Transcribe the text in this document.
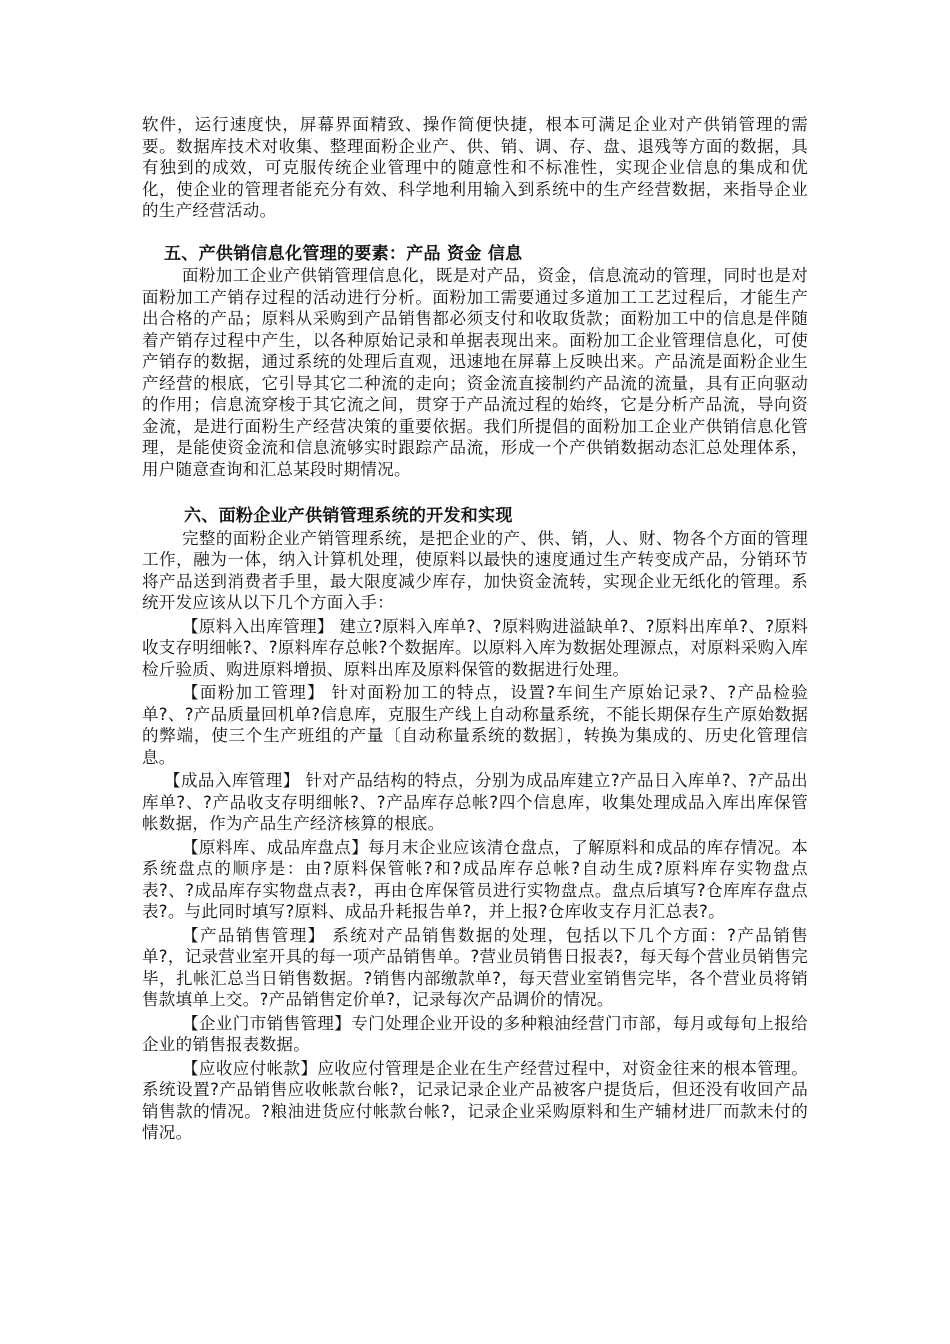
软件，运行速度快，屏幕界面精致、操作简便快捷，根本可满足企业对产供销管理的需要。数据库技术对收集、整理面粉企业产、供、销、调、存、盘、退残等方面的数据，具有独到的成效，可克服传统企业管理中的随意性和不标准性，实现企业信息的集成和优化，使企业的管理者能充分有效、科学地利用输入到系统中的生产经营数据，来指导企业的生产经营活动。

五、产供销信息化管理的要素：产品 资金 信息

面粉加工企业产供销管理信息化，既是对产品，资金，信息流动的管理，同时也是对面粉加工产销存过程的活动进行分析。面粉加工需要通过多道加工工艺过程后，才能生产出合格的产品；原料从采购到产品销售都必须支付和收取货款；面粉加工中的信息是伴随着产销存过程中产生，以各种原始记录和单据表现出来。面粉加工企业管理信息化，可使产销存的数据，通过系统的处理后直观，迅速地在屏幕上反映出来。产品流是面粉企业生产经营的根底，它引导其它二种流的走向；资金流直接制约产品流的流量，具有正向驱动的作用；信息流穿梭于其它流之间，贯穿于产品流过程的始终，它是分析产品流，导向资金流，是进行面粉生产经营决策的重要依据。我们所提倡的面粉加工企业产供销信息化管理，是能使资金流和信息流够实时跟踪产品流，形成一个产供销数据动态汇总处理体系，用户随意查询和汇总某段时期情况。

六、面粉企业产供销管理系统的开发和实现

完整的面粉企业产销管理系统，是把企业的产、供、销，人、财、物各个方面的管理工作，融为一体，纳入计算机处理，使原料以最快的速度通过生产转变成产品，分销环节将产品送到消费者手里，最大限度减少库存，加快资金流转，实现企业无纸化的管理。系统开发应该从以下几个方面入手：

【原料入出库管理】 建立?原料入库单?、?原料购进溢缺单?、?原料出库单?、?原料收支存明细帐?、?原料库存总帐?个数据库。以原料入库为数据处理源点，对原料采购入库检斤验质、购进原料增损、原料出库及原料保管的数据进行处理。

【面粉加工管理】 针对面粉加工的特点，设置?车间生产原始记录?、?产品检验单?、?产品质量回机单?信息库，克服生产线上自动称量系统，不能长期保存生产原始数据的弊端，使三个生产班组的产量〔自动称量系统的数据〕，转换为集成的、历史化管理信息。

【成品入库管理】 针对产品结构的特点，分别为成品库建立?产品日入库单?、?产品出库单?、?产品收支存明细帐?、?产品库存总帐?四个信息库，收集处理成品入库出库保管帐数据，作为产品生产经济核算的根底。

【原料库、成品库盘点】每月末企业应该清仓盘点，了解原料和成品的库存情况。本系统盘点的顺序是：由?原料保管帐?和?成品库存总帐?自动生成?原料库存实物盘点表?、?成品库存实物盘点表?，再由仓库保管员进行实物盘点。盘点后填写?仓库库存盘点表?。与此同时填写?原料、成品升耗报告单?，并上报?仓库收支存月汇总表?。

【产品销售管理】 系统对产品销售数据的处理，包括以下几个方面：?产品销售单?，记录营业室开具的每一项产品销售单。?营业员销售日报表?，每天每个营业员销售完毕，扎帐汇总当日销售数据。?销售内部缴款单?，每天营业室销售完毕，各个营业员将销售款填单上交。?产品销售定价单?，记录每次产品调价的情况。

【企业门市销售管理】专门处理企业开设的多种粮油经营门市部，每月或每旬上报给企业的销售报表数据。

【应收应付帐款】应收应付管理是企业在生产经营过程中，对资金往来的根本管理。系统设置?产品销售应收帐款台帐?，记录记录企业产品被客户提货后，但还没有收回产品销售款的情况。?粮油进货应付帐款台帐?，记录企业采购原料和生产辅材进厂而款未付的情况。
